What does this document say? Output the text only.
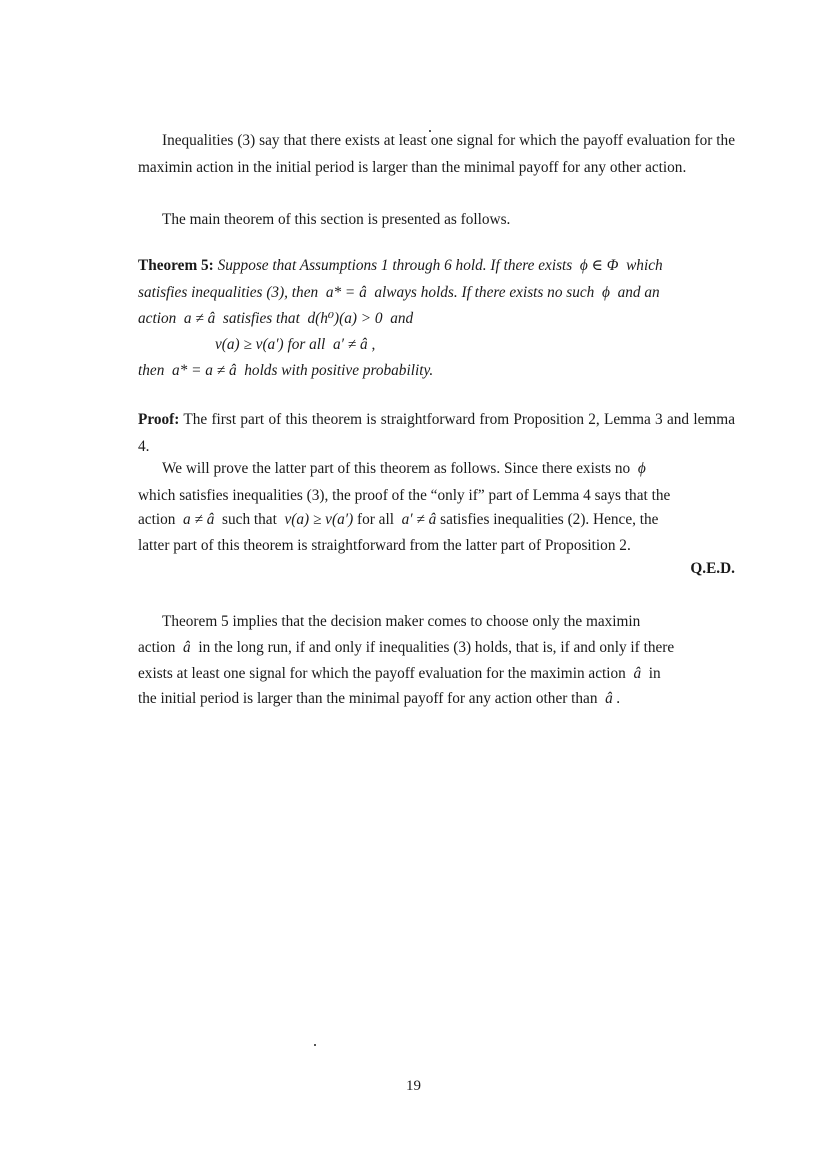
Inequalities (3) say that there exists at least one signal for which the payoff evaluation for the maximin action in the initial period is larger than the minimal payoff for any other action.

The main theorem of this section is presented as follows.

Theorem 5: Suppose that Assumptions 1 through 6 hold. If there exists ϕ ∈ Φ which
satisfies inequalities (3), then a* = â always holds. If there exists no such ϕ and an
action a ≠ â satisfies that d(h⁰)(a) > 0 and
v(a) ≥ v(a′) for all a′ ≠ â ,
then a* = a ≠ â holds with positive probability.

Proof: The first part of this theorem is straightforward from Proposition 2, Lemma 3 and lemma 4.

We will prove the latter part of this theorem as follows. Since there exists no ϕ
which satisfies inequalities (3), the proof of the “only if” part of Lemma 4 says that the
action a ≠ â such that v(a) ≥ v(a′) for all a′ ≠ â satisfies inequalities (2). Hence, the
latter part of this theorem is straightforward from the latter part of Proposition 2.
Q.E.D.
Theorem 5 implies that the decision maker comes to choose only the maximin
action â in the long run, if and only if inequalities (3) holds, that is, if and only if there
exists at least one signal for which the payoff evaluation for the maximin action â in
the initial period is larger than the minimal payoff for any action other than â .
19
